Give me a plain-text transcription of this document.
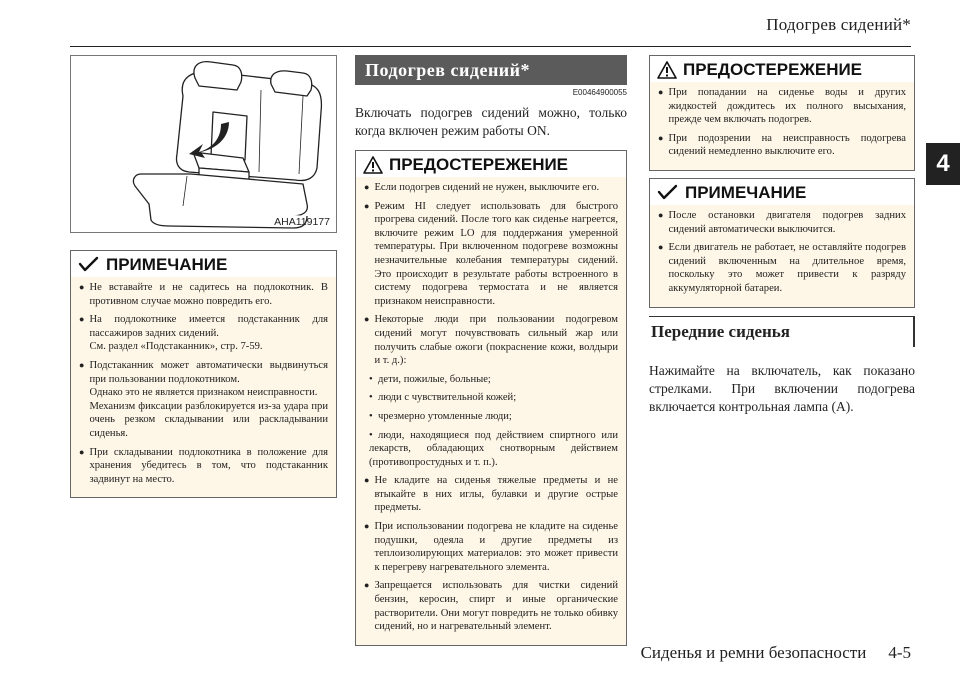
Подогрев сидений*
4
AHA119177
ПРИМЕЧАНИЕ
● Не вставайте и не садитесь на подлокотник. В противном случае можно повредить его.

● На подлокотнике имеется подстаканник для пассажиров задних сидений.
См. раздел «Подстаканник», стр. 7-59.

● Подстаканник может автоматически выдвинуться при пользовании подлокотником.
Однако это не является признаком неисправности.
Механизм фиксации разблокируется из-за удара при очень резком складывании или раскладывании сиденья.

● При складывании подлокотника в положение для хранения убедитесь в том, что подстаканник задвинут на место.

Подогрев сидений*
E00464900055
Включать подогрев сидений можно, только когда включен режим работы ON.
ПРЕДОСТЕРЕЖЕНИЕ
● Если подогрев сидений не нужен, выключите его.

● Режим HI следует использовать для быстрого прогрева сидений. После того как сиденье нагреется, включите режим LO для поддержания умеренной температуры. При включенном подогреве возможны незначительные колебания температуры сидений. Это происходит в результате работы встроенного в систему подогрева термостата и не является признаком неисправности.

● Некоторые люди при пользовании подогревом сидений могут почувствовать сильный жар или получить слабые ожоги (покраснение кожи, волдыри и т. д.):

• дети, пожилые, больные;
• люди с чувствительной кожей;
• чрезмерно утомленные люди;
• люди, находящиеся под действием спиртного или лекарств, обладающих снотворным действием (противопростудных и т. п.).
● Не кладите на сиденья тяжелые предметы и не втыкайте в них иглы, булавки и другие острые предметы.

● При использовании подогрева не кладите на сиденье подушки, одеяла и другие предметы из теплоизолирующих материалов: это может привести к перегреву нагревательного элемента.

● Запрещается использовать для чистки сидений бензин, керосин, спирт и иные органические растворители. Они могут повредить не только обивку сидений, но и нагревательный элемент.

ПРЕДОСТЕРЕЖЕНИЕ
● При попадании на сиденье воды и других жидкостей дождитесь их полного высыхания, прежде чем включать подогрев.

● При подозрении на неисправность подогрева сидений немедленно выключите его.

ПРИМЕЧАНИЕ
● После остановки двигателя подогрев задних сидений автоматически выключится.

● Если двигатель не работает, не оставляйте подогрев сидений включенным на длительное время, поскольку это может привести к разряду аккумуляторной батареи.

Передние сиденья
Нажимайте на включатель, как показано стрелками. При включении подогрева включается контрольная лампа (A).
Сиденья и ремни безопасности 4-5
